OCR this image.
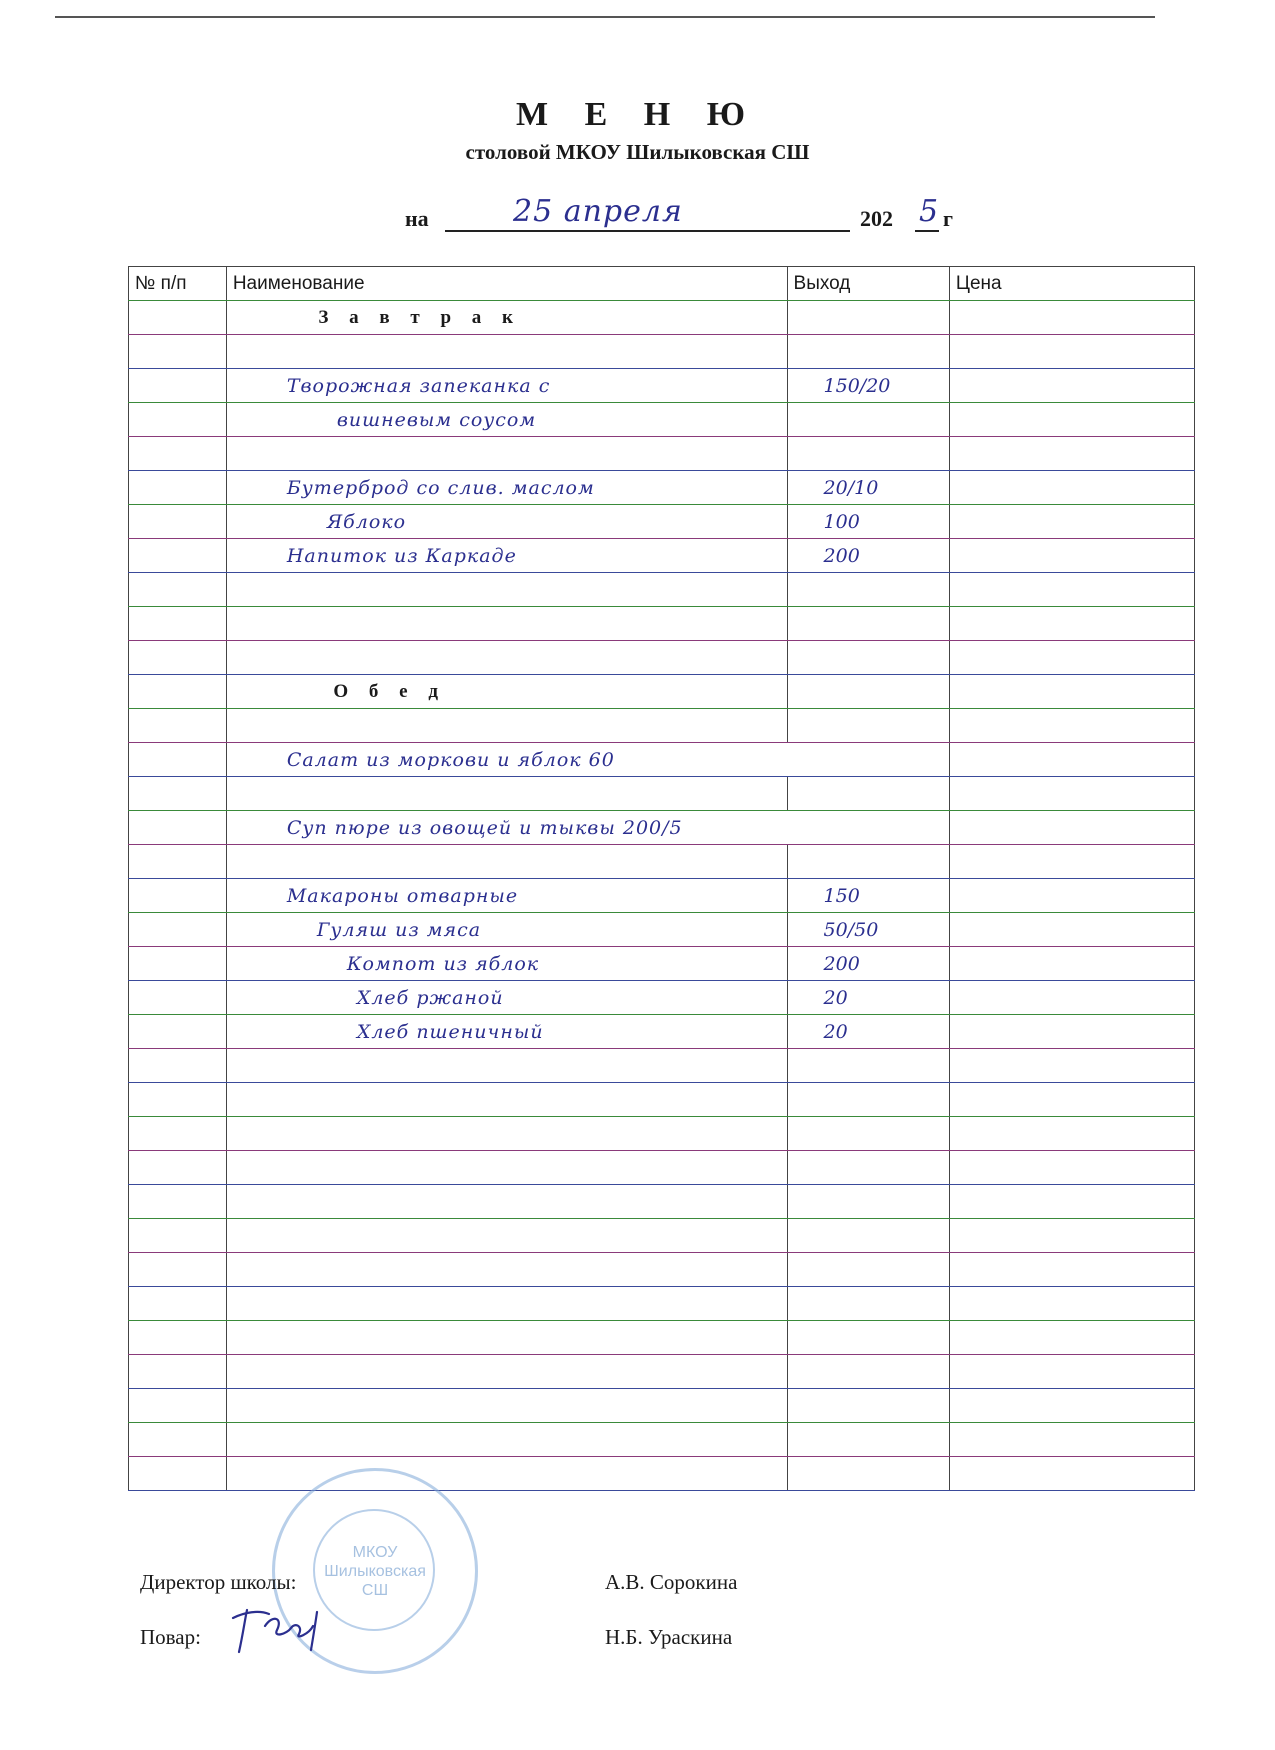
М Е Н Ю
столовой МКОУ Шилыковская СШ
на	25 апреля	202 5 г
№ п/п	Наименование	Выход	Цена
	З а в т р а к		

	Творожная запеканка с	150/20	
	вишневым соусом		

	Бутерброд со слив. маслом	20/10	
	Яблоко	100	
	Напиток из Каркаде	200	

	О б е д		

	Салат из моркови и яблок 60		

	Суп пюре из овощей и тыквы 200/5		

	Макароны отварные	150	
	Гуляш из мяса	50/50	
	Компот из яблок	200	
	Хлеб ржаной	20	
	Хлеб пшеничный	20	

МКОУ
Шилыковская
СШ
Директор школы:	А.В. Сорокина
Повар:	Н.Б. Ураскина
